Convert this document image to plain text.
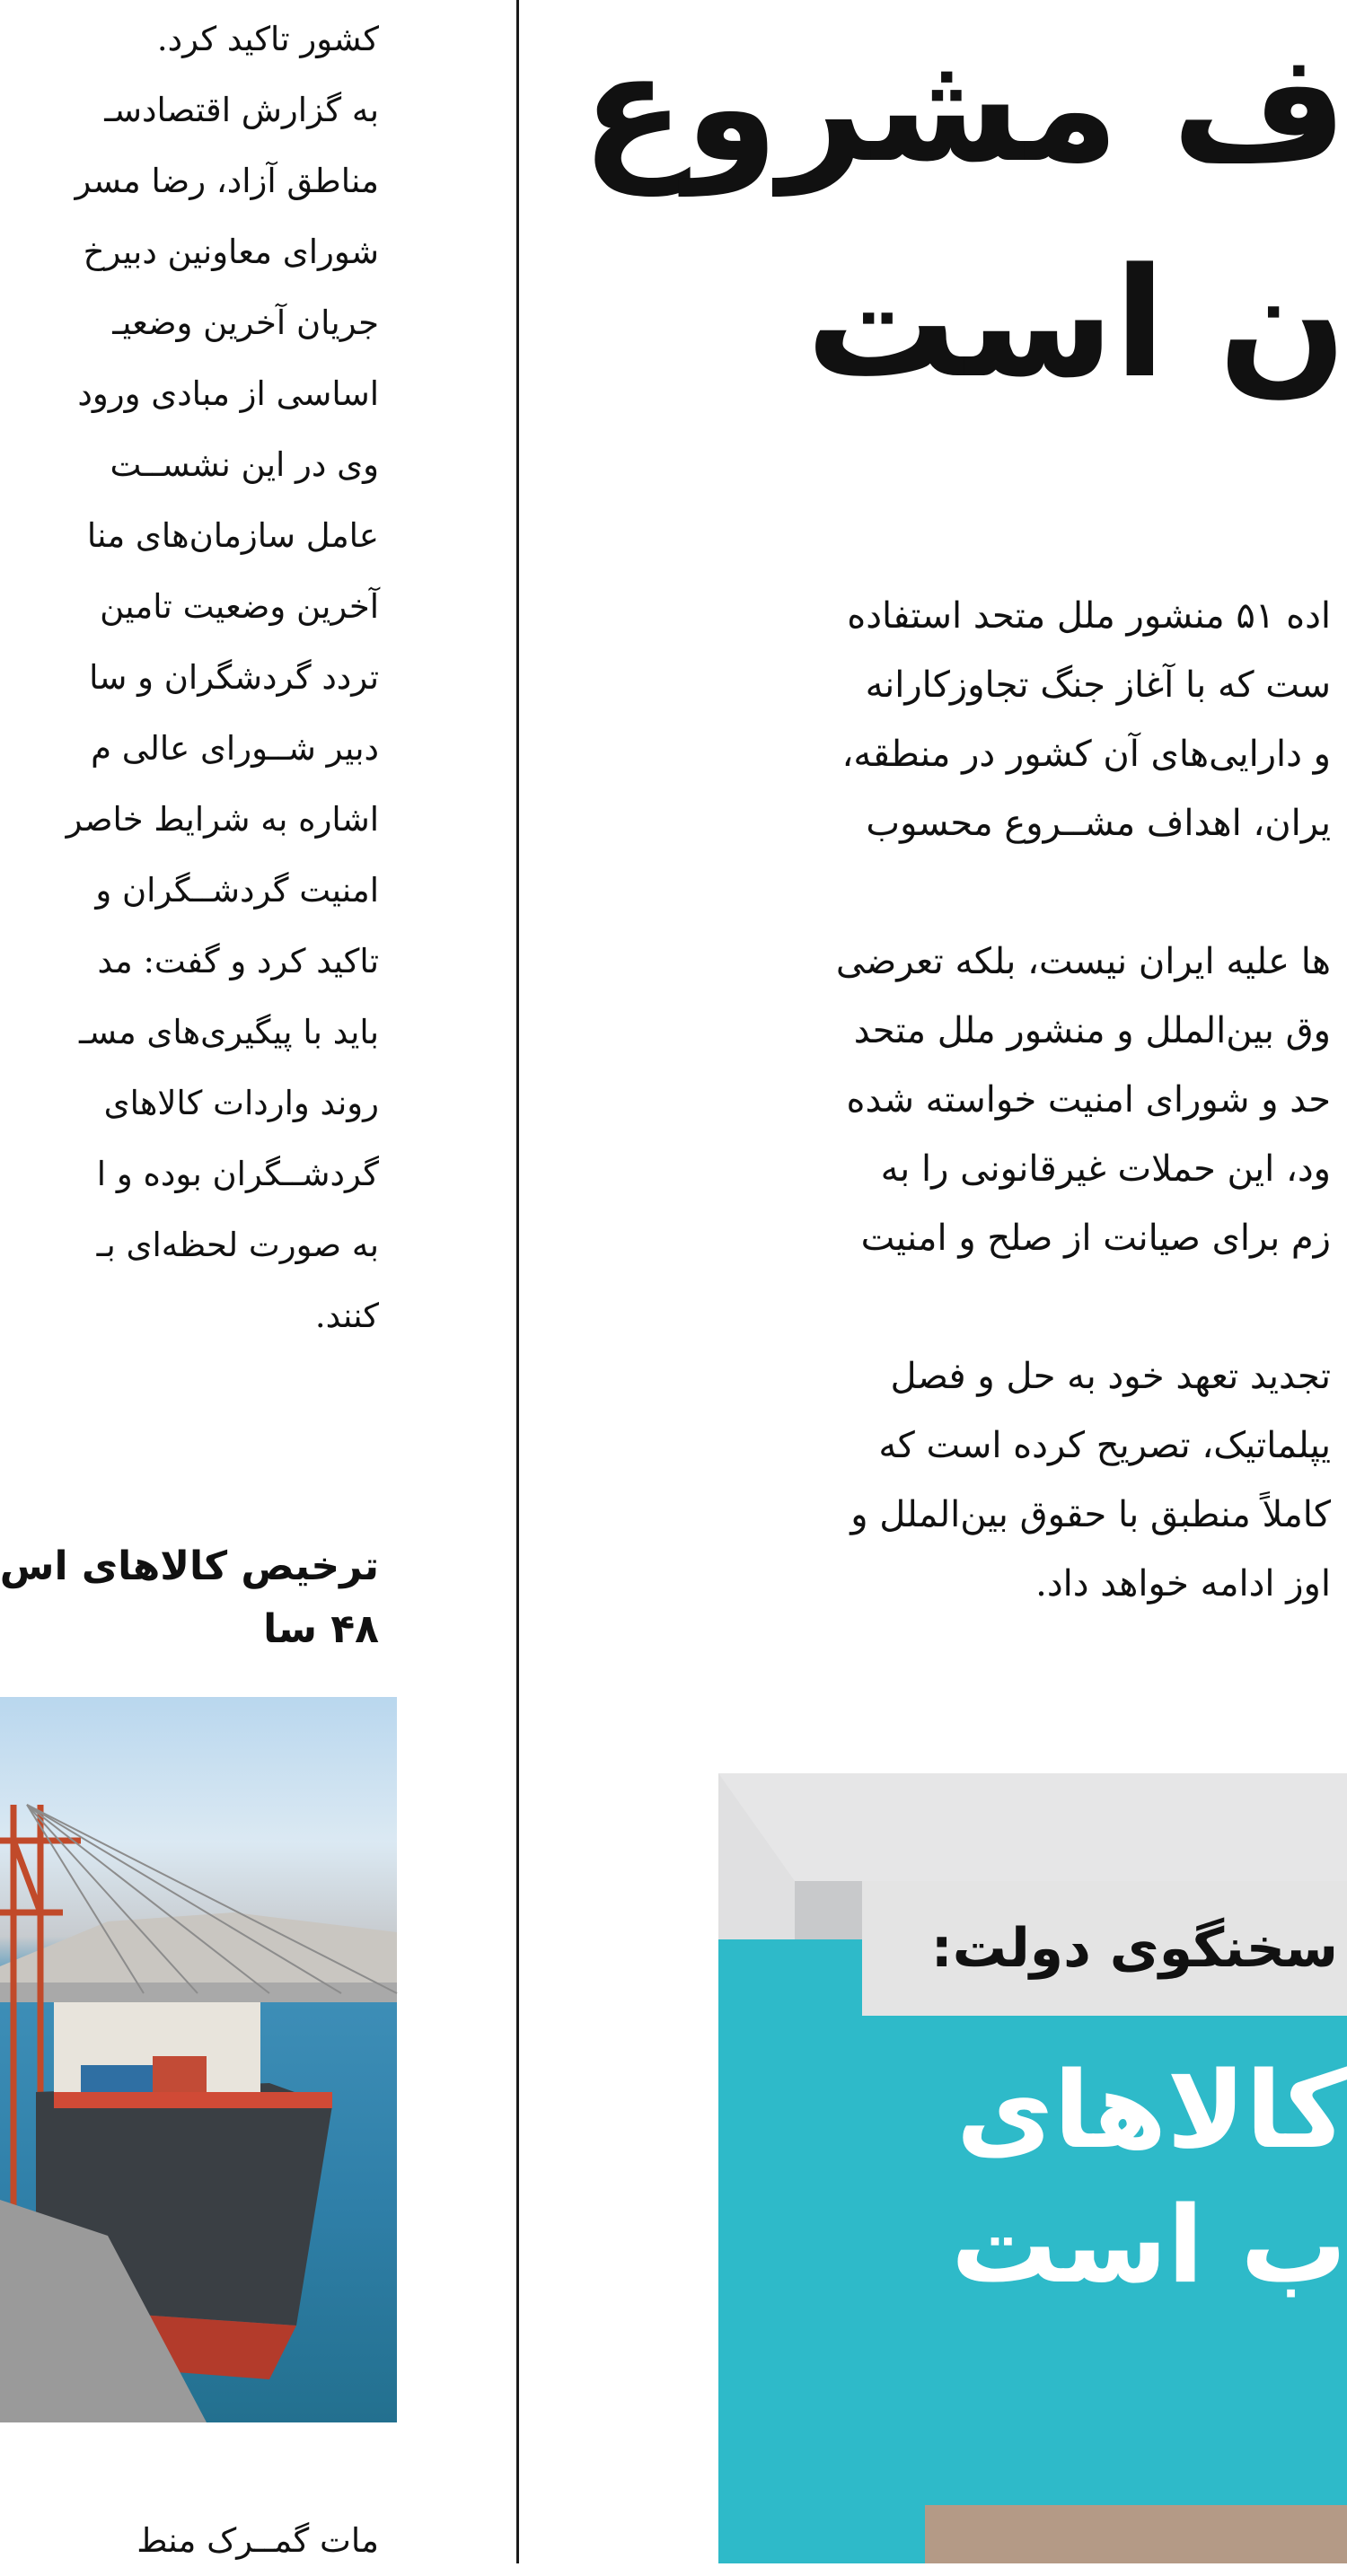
کشور تاکید کرد.
به گزارش اقتصادسـ
مناطق آزاد، رضا مسر
شورای معاونین دبیرخ
جریان آخرین وضعیـ
اساسی از مبادی ورود
وی در این نشســت
عامل سازمان‌های منا
آخرین وضعیت تامین
تردد گردشگران و سا
دبیر شــورای عالی م
اشاره به شرایط خاصر
امنیت گردشــگران و
تاکید کرد و گفت: مد
باید با پیگیری‌های مسـ
روند واردات کالاهای
گردشــگران بوده و ا
به صورت لحظه‌ای بـ
کنند.
ترخیص کالاهای اس
۴۸ سا
مات گمــرک منط
ف مشروع
ن است
اده ۵۱ منشور ملل متحد استفاده
ست که با آغاز جنگ تجاوزکارانه
و دارایی‌های آن کشور در منطقه،
یران، اهداف مشــروع محسوب
ها علیه ایران نیست، بلکه تعرضی
وق بین‌الملل و منشور ملل متحد
حد و شورای امنیت خواسته شده
ود، این حملات غیرقانونی را به
زم برای صیانت از صلح و امنیت
تجدید تعهد خود به حل و فصل
یپلماتیک، تصریح کرده است که
کاملاً منطبق با حقوق بین‌الملل و
اوز ادامه خواهد داد.
سخنگوی دولت:
کالاهای
ب است
